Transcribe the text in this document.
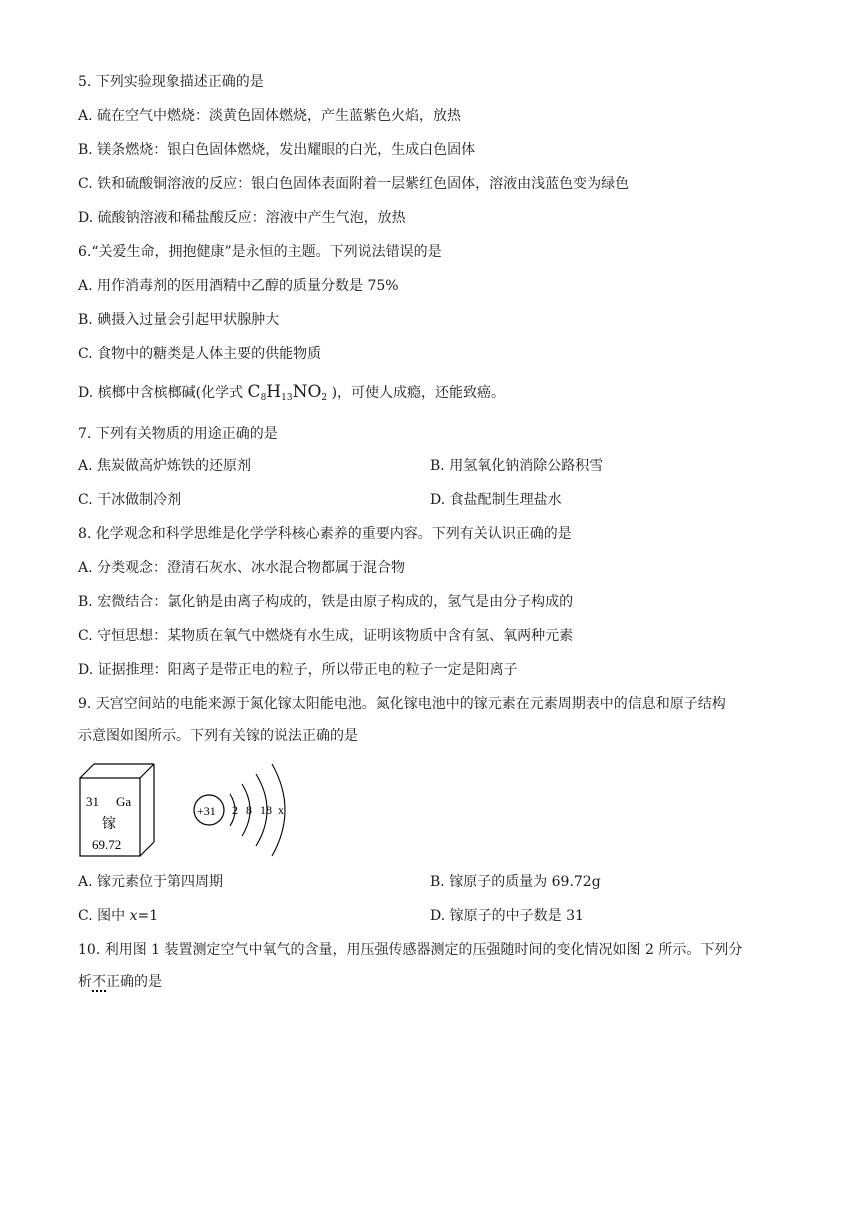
5. 下列实验现象描述正确的是
A. 硫在空气中燃烧：淡黄色固体燃烧，产生蓝紫色火焰，放热
B. 镁条燃烧：银白色固体燃烧，发出耀眼的白光，生成白色固体
C. 铁和硫酸铜溶液的反应：银白色固体表面附着一层紫红色固体，溶液由浅蓝色变为绿色
D. 硫酸钠溶液和稀盐酸反应：溶液中产生气泡，放热
6.“关爱生命，拥抱健康”是永恒的主题。下列说法错误的是
A. 用作消毒剂的医用酒精中乙醇的质量分数是 75%
B. 碘摄入过量会引起甲状腺肿大
C. 食物中的糖类是人体主要的供能物质
D. 槟榔中含槟榔碱(化学式 $C_8H_{13}NO_2$ )，可使人成瘾，还能致癌。
7. 下列有关物质的用途正确的是
A. 焦炭做高炉炼铁的还原剂	B. 用氢氧化钠消除公路积雪
C. 干冰做制冷剂	D. 食盐配制生理盐水
8. 化学观念和科学思维是化学学科核心素养的重要内容。下列有关认识正确的是
A. 分类观念：澄清石灰水、冰水混合物都属于混合物
B. 宏微结合：氯化钠是由离子构成的，铁是由原子构成的，氢气是由分子构成的
C. 守恒思想：某物质在氧气中燃烧有水生成，证明该物质中含有氢、氧两种元素
D. 证据推理：阳离子是带正电的粒子，所以带正电的粒子一定是阳离子
9. 天宫空间站的电能来源于氮化镓太阳能电池。氮化镓电池中的镓元素在元素周期表中的信息和原子结构
示意图如图所示。下列有关镓的说法正确的是
31 Ga
镓
69.72
+31 2 8 18 x
A. 镓元素位于第四周期	B. 镓原子的质量为 69.72g
C. 图中 x=1	D. 镓原子的中子数是 31
10. 利用图 1 装置测定空气中氧气的含量，用压强传感器测定的压强随时间的变化情况如图 2 所示。下列分
析不正确的是
